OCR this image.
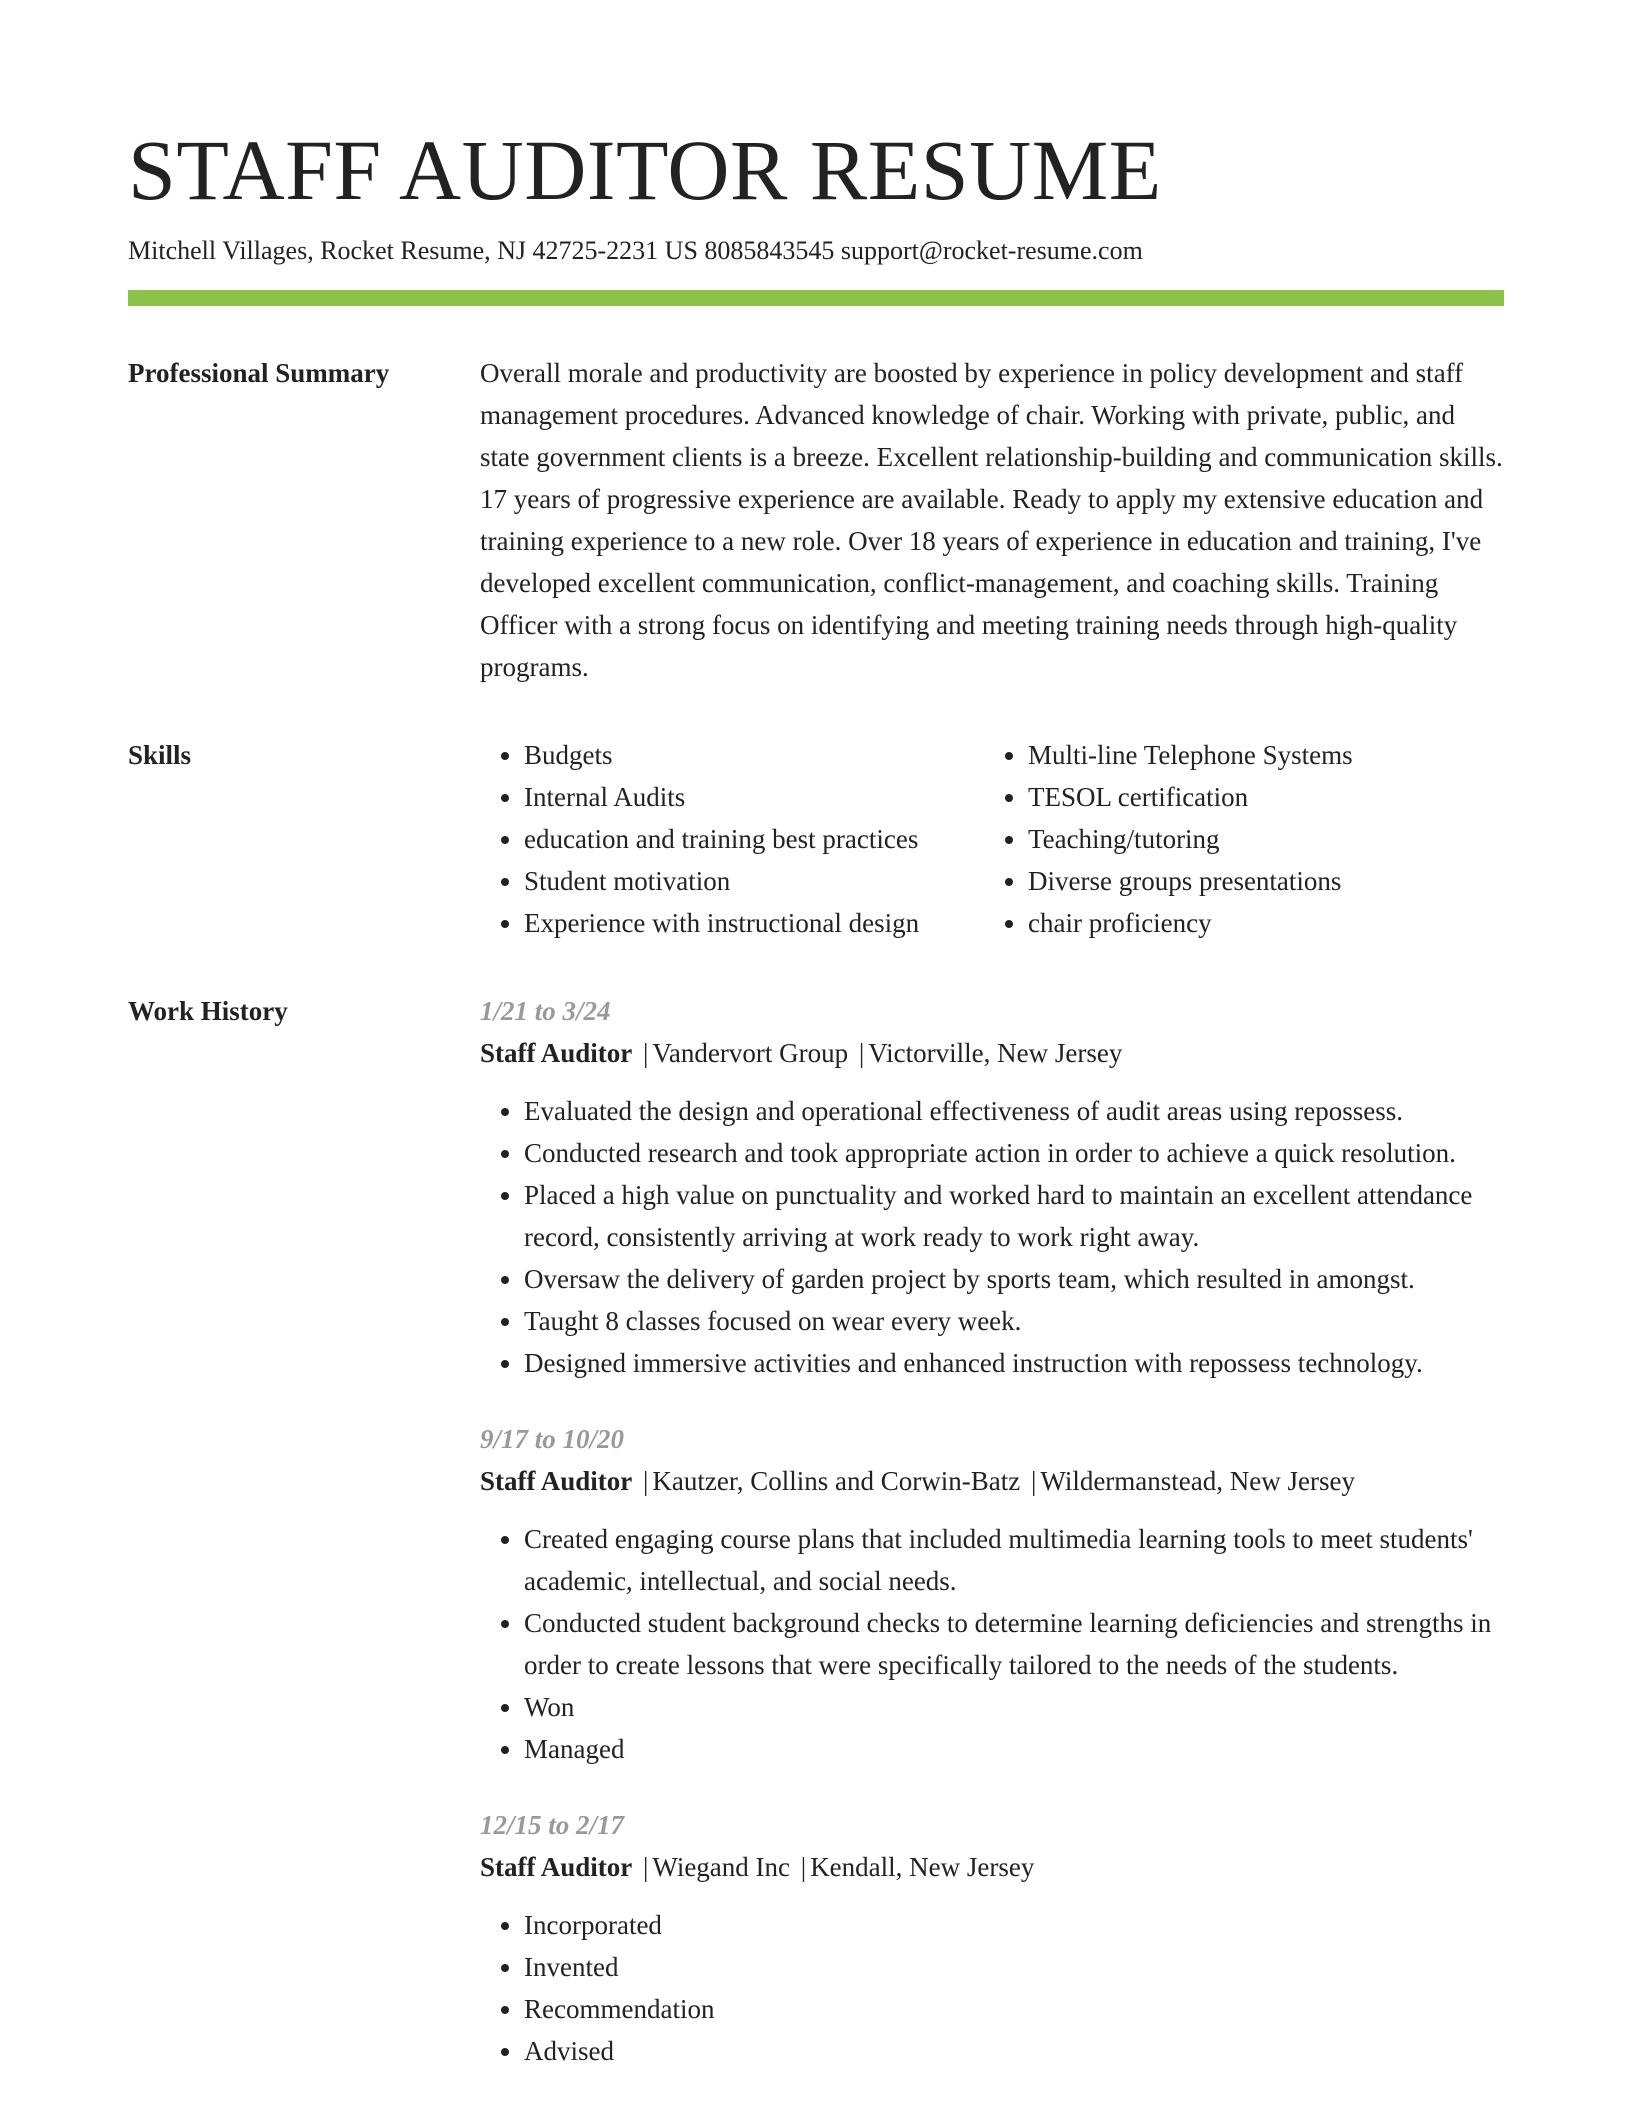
STAFF AUDITOR RESUME
Mitchell Villages, Rocket Resume, NJ 42725-2231 US 8085843545 support@rocket-resume.com
Professional Summary	Overall morale and productivity are boosted by experience in policy development and staff management procedures. Advanced knowledge of chair. Working with private, public, and state government clients is a breeze. Excellent relationship-building and communication skills. 17 years of progressive experience are available. Ready to apply my extensive education and training experience to a new role. Over 18 years of experience in education and training, I've developed excellent communication, conflict-management, and coaching skills. Training Officer with a strong focus on identifying and meeting training needs through high-quality programs.

Skills
•	Budgets
• Internal Audits
• education and training best practices
• Student motivation
• Experience with instructional design
• Multi-line Telephone Systems
• TESOL certification
• Teaching/tutoring
• Diverse groups presentations
• chair proficiency
Work History	1/21 to 3/24
Staff Auditor | Vandervort Group | Victorville, New Jersey
• Evaluated the design and operational effectiveness of audit areas using repossess.
• Conducted research and took appropriate action in order to achieve a quick resolution.
• Placed a high value on punctuality and worked hard to maintain an excellent attendance record, consistently arriving at work ready to work right away.
• Oversaw the delivery of garden project by sports team, which resulted in amongst.
• Taught 8 classes focused on wear every week.
• Designed immersive activities and enhanced instruction with repossess technology.
9/17 to 10/20
Staff Auditor | Kautzer, Collins and Corwin-Batz | Wildermanstead, New Jersey
• Created engaging course plans that included multimedia learning tools to meet students' academic, intellectual, and social needs.
• Conducted student background checks to determine learning deficiencies and strengths in order to create lessons that were specifically tailored to the needs of the students.
• Won
• Managed
12/15 to 2/17
Staff Auditor | Wiegand Inc | Kendall, New Jersey
• Incorporated
• Invented
• Recommendation
• Advised
